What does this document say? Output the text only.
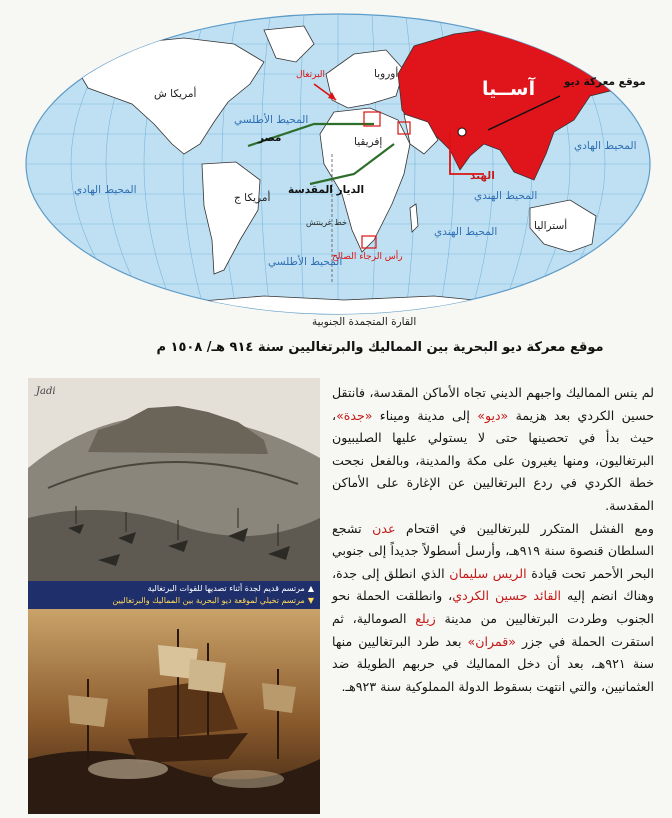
آســيا
أوروبا
أمريكا ش
أمريكا ج
إفريقيا
أستراليا
القارة المتجمدة الجنوبية
المحيط الأطلسي
المحيط الأطلسي
المحيط الهادي
المحيط الهادي
المحيط الهندي
المحيط الهندي
البرتغال
مصر
الديار المقدسة
الهند
موقع معركة ديو
رأس الرجاء الصالح
خط غرينتش
موقع معركة ديو البحرية بين المماليك والبرتغاليين سنة ٩١٤ هـ/ ١٥٠٨ م
Jadi
▲مرتسم قديم لجدة أثناء تصديها للقوات البرتغالية
▼مرتسم تخيلي لموقعة ديو البحرية بين المماليك والبرتغاليين

لم ينس المماليك واجبهم الديني تجاه الأماكن المقدسة، فانتقل حسين الكردي بعد هزيمة «ديو» إلى مدينة وميناء «جدة»، حيث بدأ في تحصينها حتى لا يستولي عليها الصليبيون البرتغاليون، ومنها يغيرون على مكة والمدينة، وبالفعل نجحت خطة الكردي في ردع البرتغاليين عن الإغارة على الأماكن المقدسة.

ومع الفشل المتكرر للبرتغاليين في اقتحام عدن تشجع السلطان قنصوة سنة ٩١٩هـ، وأرسل أسطولاً جديداً إلى جنوبي البحر الأحمر تحت قيادة الريس سليمان الذي انطلق إلى جدة، وهناك انضم إليه القائد حسين الكردي، وانطلقت الحملة نحو الجنوب وطردت البرتغاليين من مدينة زيلع الصومالية، ثم استقرت الحملة في جزر «قمران» بعد طرد البرتغاليين منها سنة ٩٢١هـ، بعد أن دخل المماليك في حربهم الطويلة ضد العثمانيين، والتي انتهت بسقوط الدولة المملوكية سنة ٩٢٣هـ.
